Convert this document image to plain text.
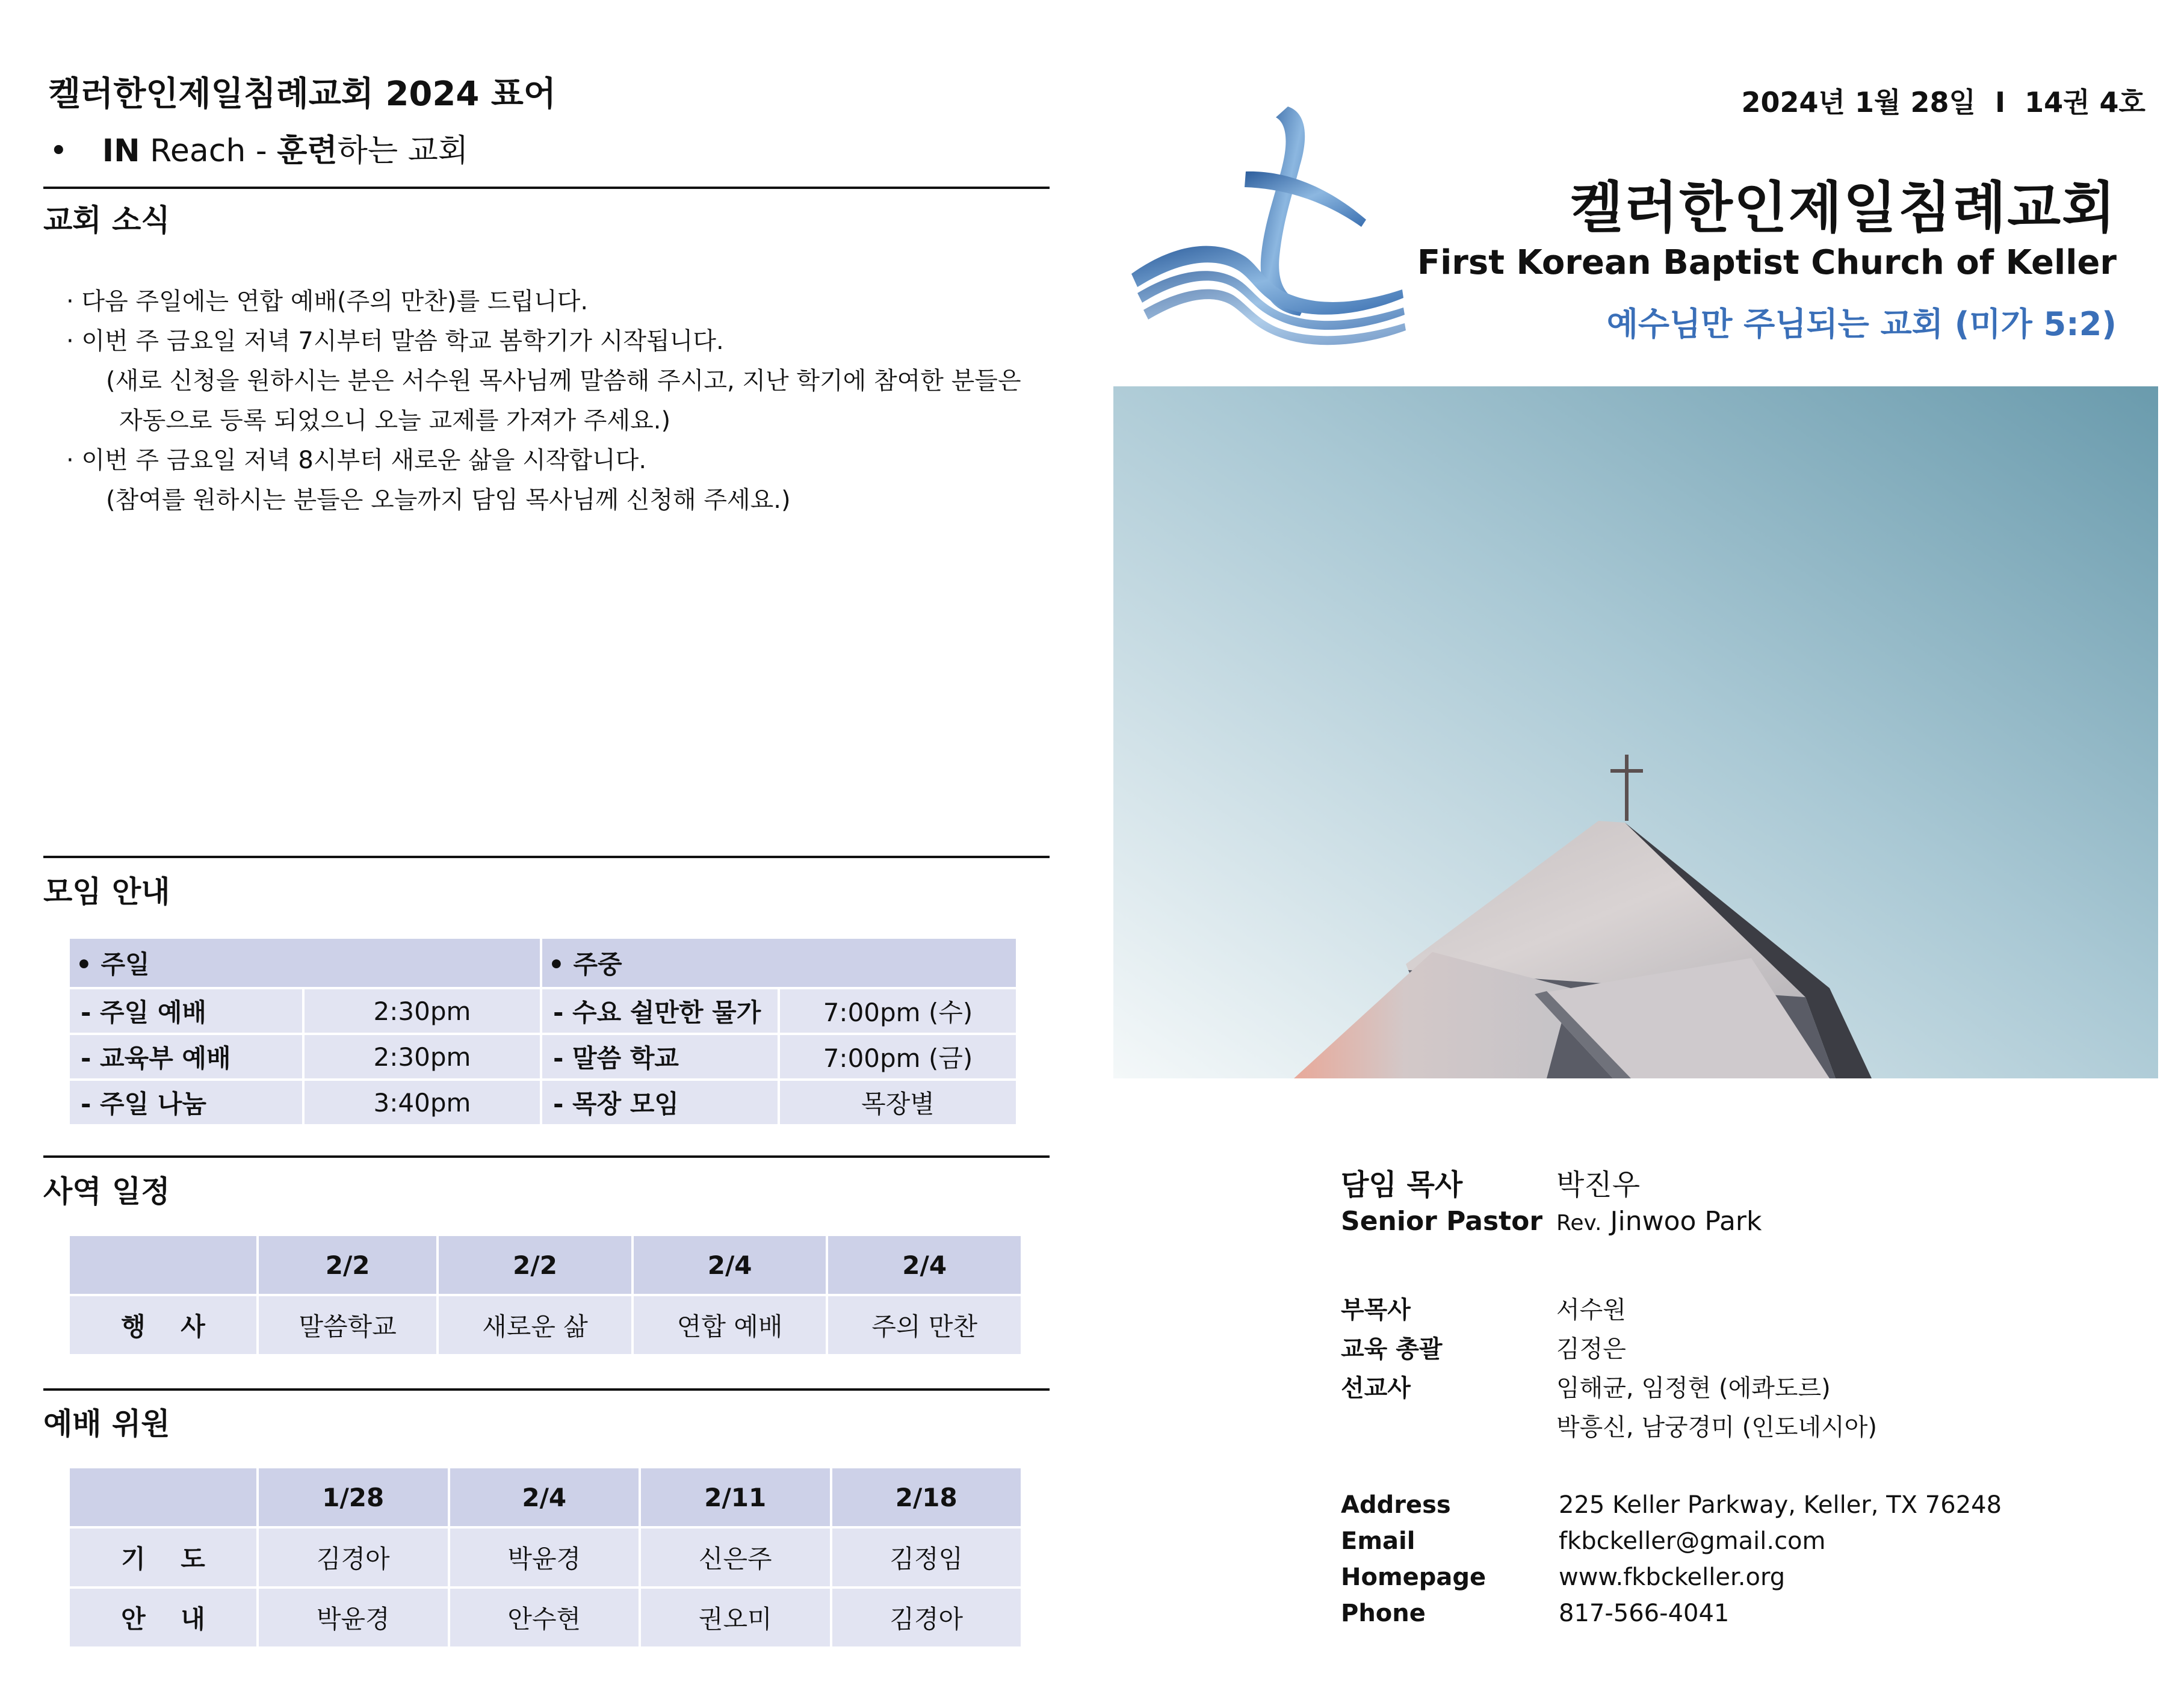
켈러한인제일침례교회 2024 표어
• IN Reach - 훈련하는 교회
교회 소식
· 다음 주일에는 연합 예배(주의 만찬)를 드립니다.
· 이번 주 금요일 저녁 7시부터 말씀 학교 봄학기가 시작됩니다.
(새로 신청을 원하시는 분은 서수원 목사님께 말씀해 주시고, 지난 학기에 참여한 분들은
자동으로 등록 되었으니 오늘 교제를 가져가 주세요.)
· 이번 주 금요일 저녁 8시부터 새로운 삶을 시작합니다.
(참여를 원하시는 분들은 오늘까지 담임 목사님께 신청해 주세요.)
모임 안내
• 주일		• 주중	
- 주일 예배	2:30pm	- 수요 쉴만한 물가	7:00pm (수)
- 교육부 예배	2:30pm	- 말씀 학교	7:00pm (금)
- 주일 나눔	3:40pm	- 목장 모임	목장별
사역 일정
	2/2	2/2	2/4	2/4
행    사	말씀학교	새로운 삶	연합 예배	주의 만찬
예배 위원
	1/28	2/4	2/11	2/18
기    도	김경아	박윤경	신은주	김정임
안    내	박윤경	안수현	권오미	김경아
2024년 1월 28일  I  14권 4호
켈러한인제일침례교회
First Korean Baptist Church of Keller
예수님만 주님되는 교회 (미가 5:2)
담임 목사	박진우
Senior Pastor Rev. Jinwoo Park
부목사	서수원
교육 총괄	김정은
선교사	임해균, 임정현 (에콰도르)
박흥신, 남궁경미 (인도네시아)
Address	225 Keller Parkway, Keller, TX 76248
Email	fkbckeller@gmail.com
Homepage	www.fkbckeller.org
Phone	817-566-4041
